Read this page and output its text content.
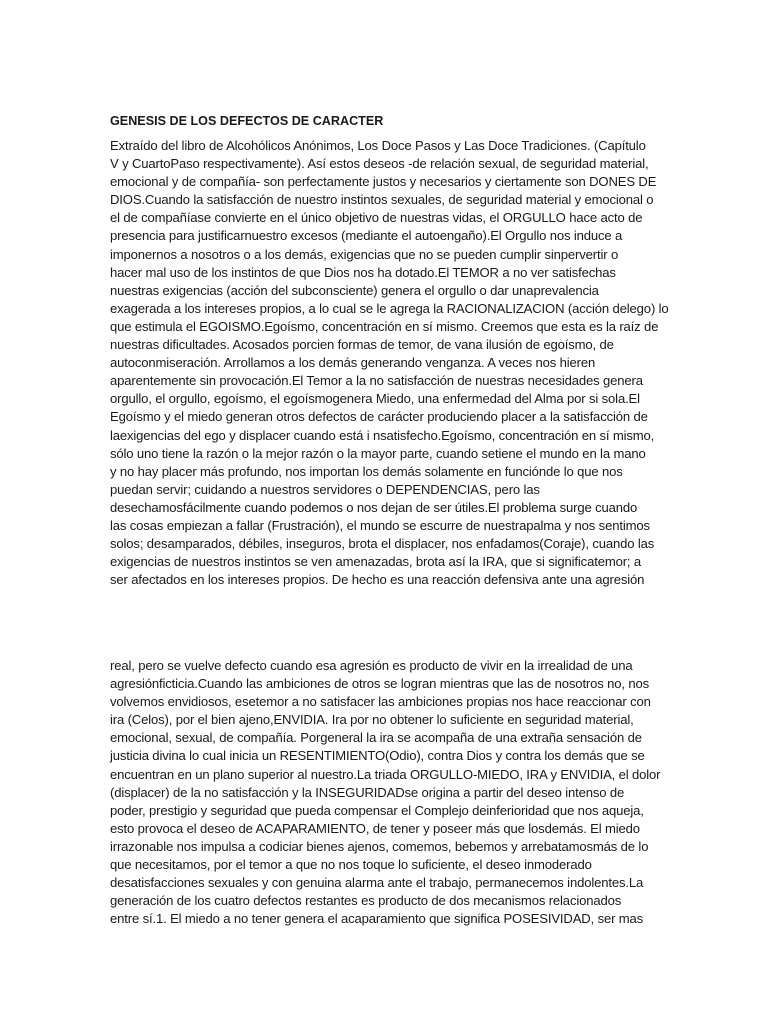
GENESIS DE LOS DEFECTOS DE CARACTER
Extraído del libro de Alcohólicos Anónimos, Los Doce Pasos y Las Doce Tradiciones. (Capítulo
V y CuartoPaso respectivamente). Así estos deseos -de relación sexual, de seguridad material,
emocional y de compañía- son perfectamente justos y necesarios y ciertamente son DONES DE
DIOS.Cuando la satisfacción de nuestro instintos sexuales, de seguridad material y emocional o
el de compañíase convierte en el único objetivo de nuestras vidas, el ORGULLO hace acto de
presencia para justificarnuestro excesos (mediante el autoengaño).El Orgullo nos induce a
imponernos a nosotros o a los demás, exigencias que no se pueden cumplir sinpervertir o
hacer mal uso de los instintos de que Dios nos ha dotado.El TEMOR a no ver satisfechas
nuestras exigencias (acción del subconsciente) genera el orgullo o dar unaprevalencia
exagerada a los intereses propios, a lo cual se le agrega la RACIONALIZACION (acción delego) lo
que estimula el EGOISMO.Egoísmo, concentración en sí mismo. Creemos que esta es la raíz de
nuestras dificultades. Acosados porcien formas de temor, de vana ilusión de egoísmo, de
autoconmiseración. Arrollamos a los demás generando venganza. A veces nos hieren
aparentemente sin provocación.El Temor a la no satisfacción de nuestras necesidades genera
orgullo, el orgullo, egoísmo, el egoísmogenera Miedo, una enfermedad del Alma por si sola.El
Egoísmo y el miedo generan otros defectos de carácter produciendo placer a la satisfacción de
laexigencias del ego y displacer cuando está i nsatisfecho.Egoísmo, concentración en sí mismo,
sólo uno tiene la razón o la mejor razón o la mayor parte, cuando setiene el mundo en la mano
y no hay placer más profundo, nos importan los demás solamente en funciónde lo que nos
puedan servir; cuidando a nuestros servidores o DEPENDENCIAS, pero las
desechamosfácilmente cuando podemos o nos dejan de ser útiles.El problema surge cuando
las cosas empiezan a fallar (Frustración), el mundo se escurre de nuestrapalma y nos sentimos
solos; desamparados, débiles, inseguros, brota el displacer, nos enfadamos(Coraje), cuando las
exigencias de nuestros instintos se ven amenazadas, brota así la IRA, que si significatemor; a
ser afectados en los intereses propios. De hecho es una reacción defensiva ante una agresión
real, pero se vuelve defecto cuando esa agresión es producto de vivir en la irrealidad de una
agresiónficticia.Cuando las ambiciones de otros se logran mientras que las de nosotros no, nos
volvemos envidiosos, esetemor a no satisfacer las ambiciones propias nos hace reaccionar con
ira (Celos), por el bien ajeno,ENVIDIA. Ira por no obtener lo suficiente en seguridad material,
emocional, sexual, de compañía. Porgeneral la ira se acompaña de una extraña sensación de
justicia divina lo cual inicia un RESENTIMIENTO(Odio), contra Dios y contra los demás que se
encuentran en un plano superior al nuestro.La triada ORGULLO-MIEDO, IRA y ENVIDIA, el dolor
(displacer) de la no satisfacción y la INSEGURIDADse origina a partir del deseo intenso de
poder, prestigio y seguridad que pueda compensar el Complejo deinferioridad que nos aqueja,
esto provoca el deseo de ACAPARAMIENTO, de tener y poseer más que losdemás. El miedo
irrazonable nos impulsa a codiciar bienes ajenos, comemos, bebemos y arrebatamosmás de lo
que necesitamos, por el temor a que no nos toque lo suficiente, el deseo inmoderado
desatisfacciones sexuales y con genuina alarma ante el trabajo, permanecemos indolentes.La
generación de los cuatro defectos restantes es producto de dos mecanismos relacionados
entre sí.1. El miedo a no tener genera el acaparamiento que significa POSESIVIDAD, ser mas
